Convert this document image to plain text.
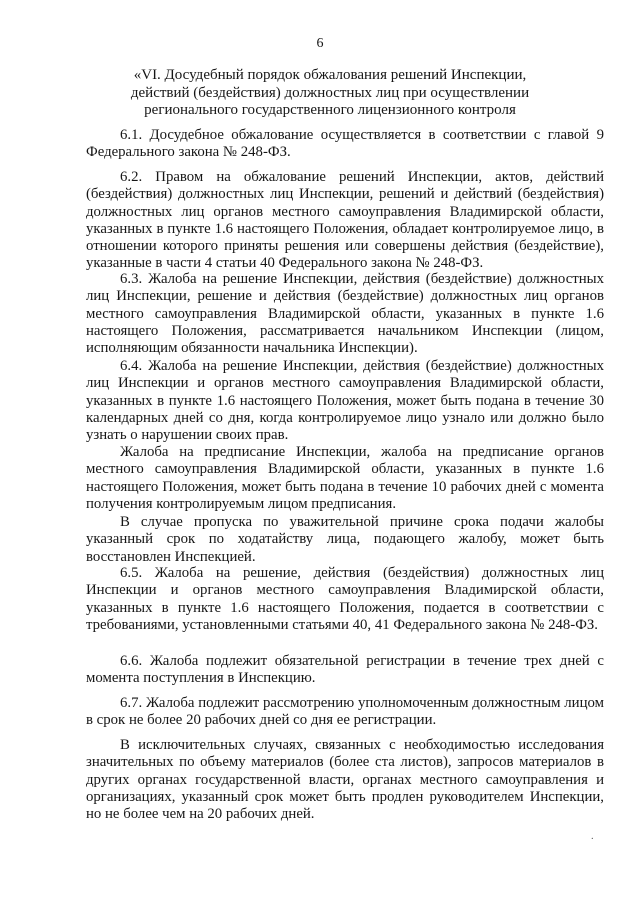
6
«VI. Досудебный порядок обжалования решений Инспекции, действий (бездействия) должностных лиц при осуществлении регионального государственного лицензионного контроля
6.1. Досудебное обжалование осуществляется в соответствии с главой 9 Федерального закона № 248-ФЗ.
6.2. Правом на обжалование решений Инспекции, актов, действий (бездействия) должностных лиц Инспекции, решений и действий (бездействия) должностных лиц органов местного самоуправления Владимирской области, указанных в пункте 1.6 настоящего Положения, обладает контролируемое лицо, в отношении которого приняты решения или совершены действия (бездействие), указанные в части 4 статьи 40 Федерального закона № 248-ФЗ.
6.3. Жалоба на решение Инспекции, действия (бездействие) должностных лиц Инспекции, решение и действия (бездействие) должностных лиц органов местного самоуправления Владимирской области, указанных в пункте 1.6 настоящего Положения, рассматривается начальником Инспекции (лицом, исполняющим обязанности начальника Инспекции).
6.4. Жалоба на решение Инспекции, действия (бездействие) должностных лиц Инспекции и органов местного самоуправления Владимирской области, указанных в пункте 1.6 настоящего Положения, может быть подана в течение 30 календарных дней со дня, когда контролируемое лицо узнало или должно было узнать о нарушении своих прав.
Жалоба на предписание Инспекции, жалоба на предписание органов местного самоуправления Владимирской области, указанных в пункте 1.6 настоящего Положения, может быть подана в течение 10 рабочих дней с момента получения контролируемым лицом предписания.
В случае пропуска по уважительной причине срока подачи жалобы указанный срок по ходатайству лица, подающего жалобу, может быть восстановлен Инспекцией.
6.5. Жалоба на решение, действия (бездействия) должностных лиц Инспекции и органов местного самоуправления Владимирской области, указанных в пункте 1.6 настоящего Положения, подается в соответствии с требованиями, установленными статьями 40, 41 Федерального закона № 248-ФЗ.
6.6. Жалоба подлежит обязательной регистрации в течение трех дней с момента поступления в Инспекцию.
6.7. Жалоба подлежит рассмотрению уполномоченным должностным лицом в срок не более 20 рабочих дней со дня ее регистрации.
В исключительных случаях, связанных с необходимостью исследования значительных по объему материалов (более ста листов), запросов материалов в других органах государственной власти, органах местного самоуправления и организациях, указанный срок может быть продлен руководителем Инспекции, но не более чем на 20 рабочих дней.
·
